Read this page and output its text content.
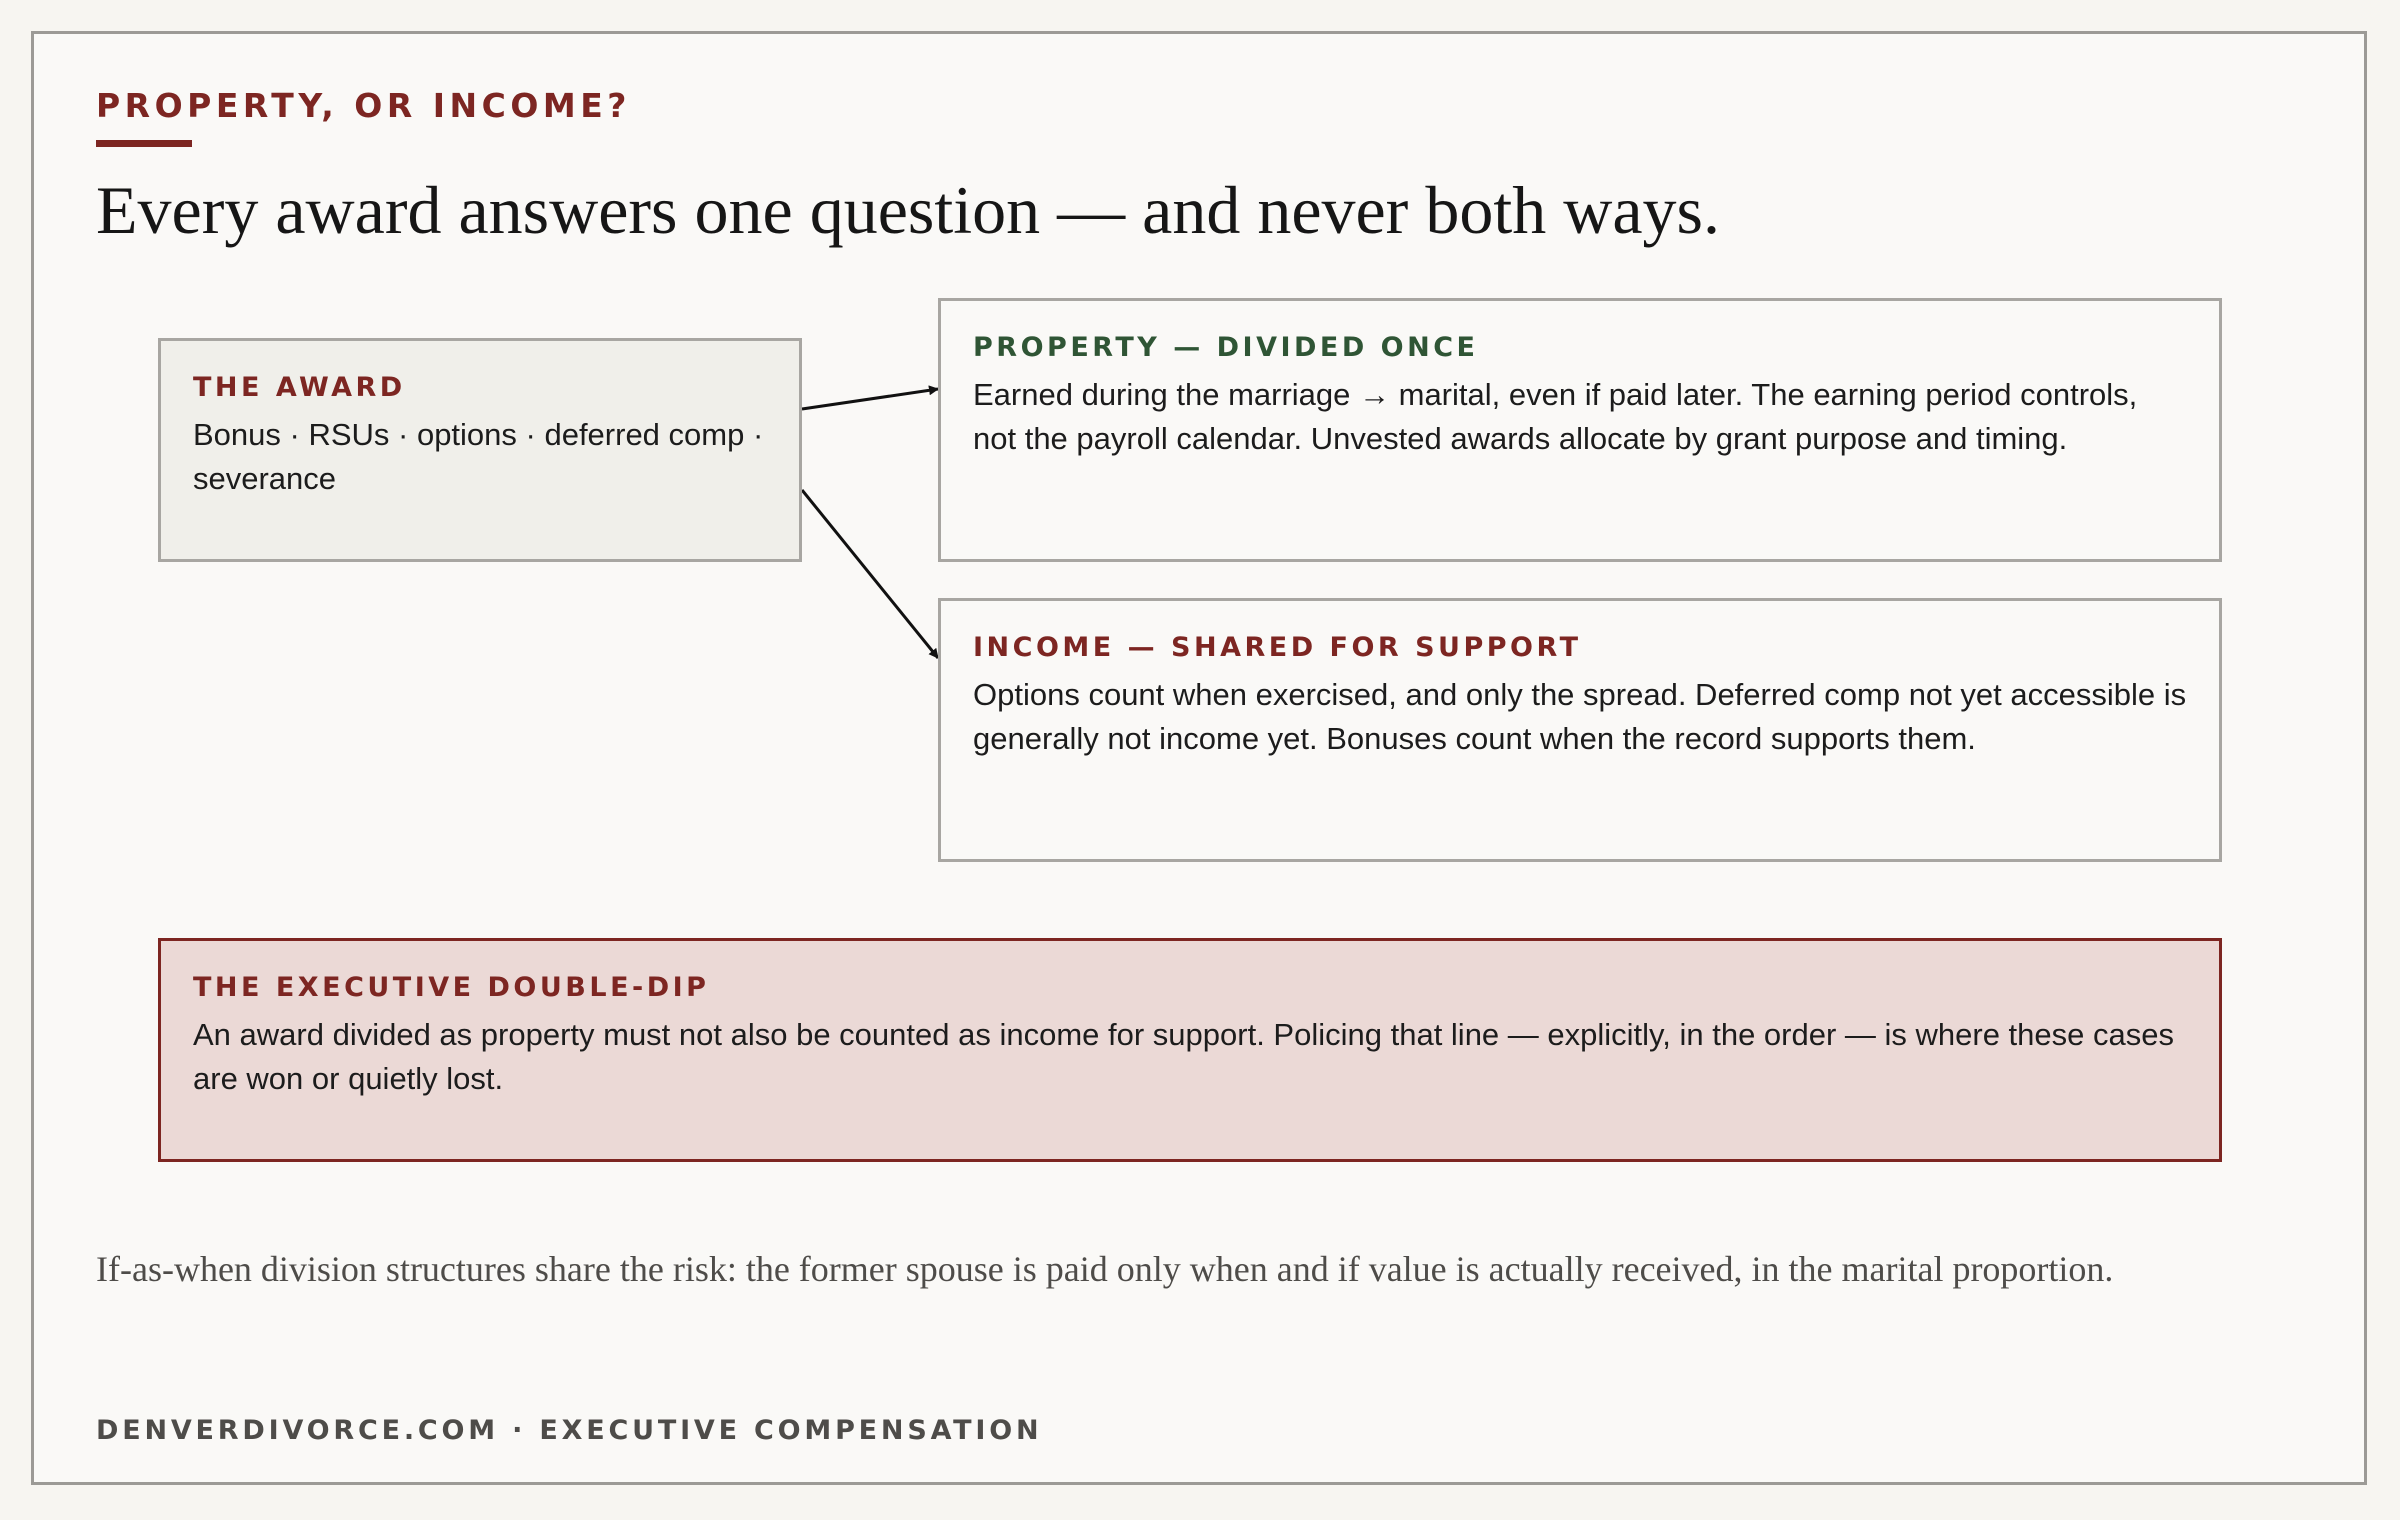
PROPERTY, OR INCOME?
Every award answers one question — and never both ways.
THE AWARD
Bonus · RSUs · options · deferred comp · severance
PROPERTY — DIVIDED ONCE
Earned during the marriage → marital, even if paid later. The earning period controls, not the payroll calendar. Unvested awards allocate by grant purpose and timing.
INCOME — SHARED FOR SUPPORT
Options count when exercised, and only the spread. Deferred comp not yet accessible is generally not income yet. Bonuses count when the record supports them.
THE EXECUTIVE DOUBLE-DIP
An award divided as property must not also be counted as income for support. Policing that line — explicitly, in the order — is where these cases are won or quietly lost.
If-as-when division structures share the risk: the former spouse is paid only when and if value is actually received, in the marital proportion.
DENVERDIVORCE.COM · EXECUTIVE COMPENSATION
